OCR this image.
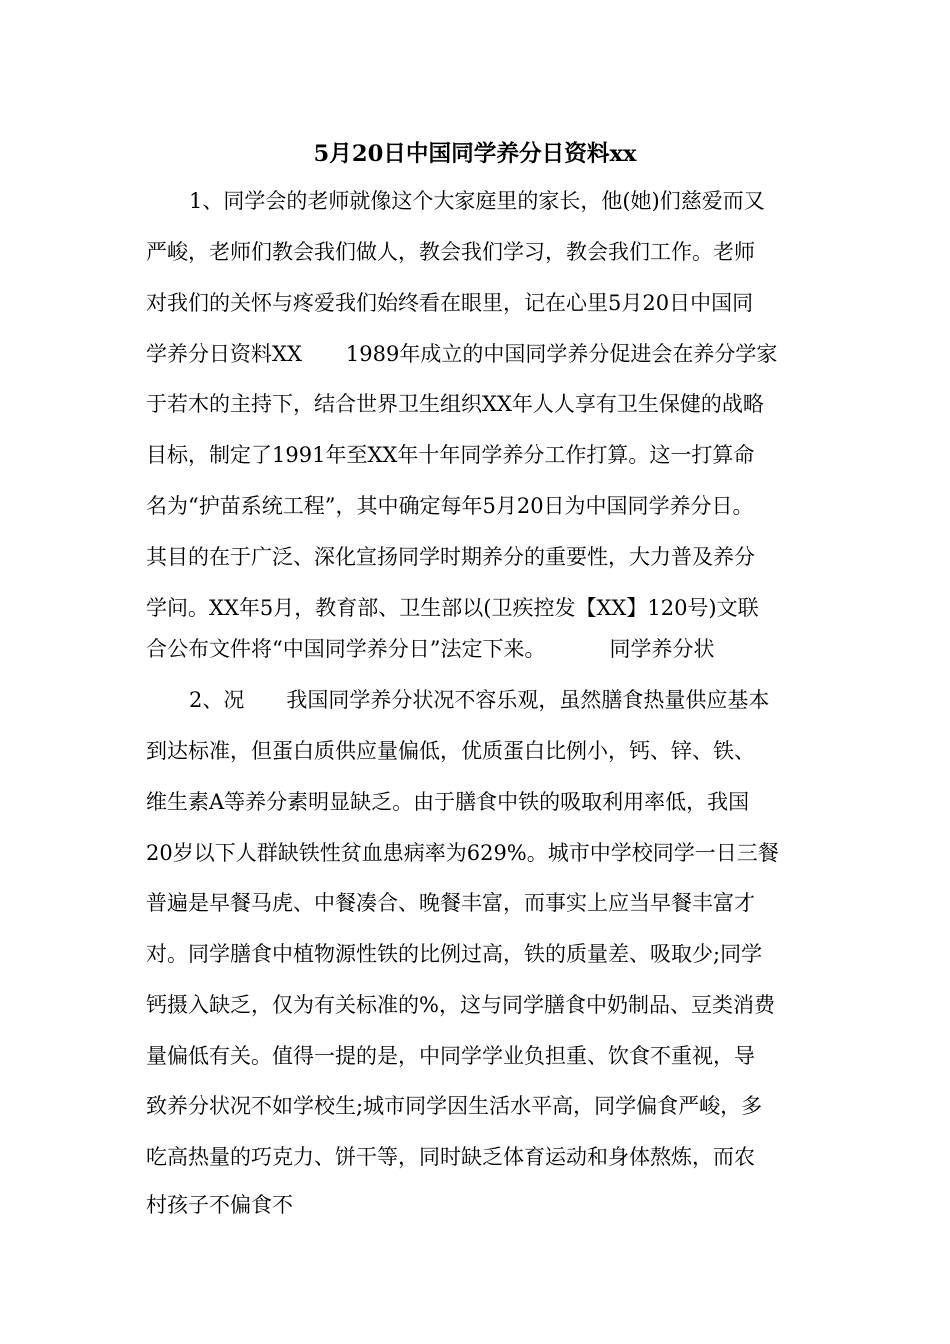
5月20日中国同学养分日资料xx
1、同学会的老师就像这个大家庭里的家长，他(她)们慈爱而又
严峻，老师们教会我们做人，教会我们学习，教会我们工作。老师
对我们的关怀与疼爱我们始终看在眼里，记在心里5月20日中国同
学养分日资料XX 1989年成立的中国同学养分促进会在养分学家
于若木的主持下，结合世界卫生组织XX年人人享有卫生保健的战略
目标，制定了1991年至XX年十年同学养分工作打算。这一打算命
名为“护苗系统工程”，其中确定每年5月20日为中国同学养分日。
其目的在于广泛、深化宣扬同学时期养分的重要性，大力普及养分
学问。XX年5月，教育部、卫生部以(卫疾控发【XX】120号)文联
合公布文件将“中国同学养分日”法定下来。	同学养分状
2、况 我国同学养分状况不容乐观，虽然膳食热量供应基本
到达标准，但蛋白质供应量偏低，优质蛋白比例小，钙、锌、铁、
维生素A等养分素明显缺乏。由于膳食中铁的吸取利用率低，我国
20岁以下人群缺铁性贫血患病率为629%。城市中学校同学一日三餐
普遍是早餐马虎、中餐凑合、晚餐丰富，而事实上应当早餐丰富才
对。同学膳食中植物源性铁的比例过高，铁的质量差、吸取少;同学
钙摄入缺乏，仅为有关标准的%，这与同学膳食中奶制品、豆类消费
量偏低有关。值得一提的是，中同学学业负担重、饮食不重视，导
致养分状况不如学校生;城市同学因生活水平高，同学偏食严峻，多
吃高热量的巧克力、饼干等，同时缺乏体育运动和身体熬炼，而农
村孩子不偏食不
